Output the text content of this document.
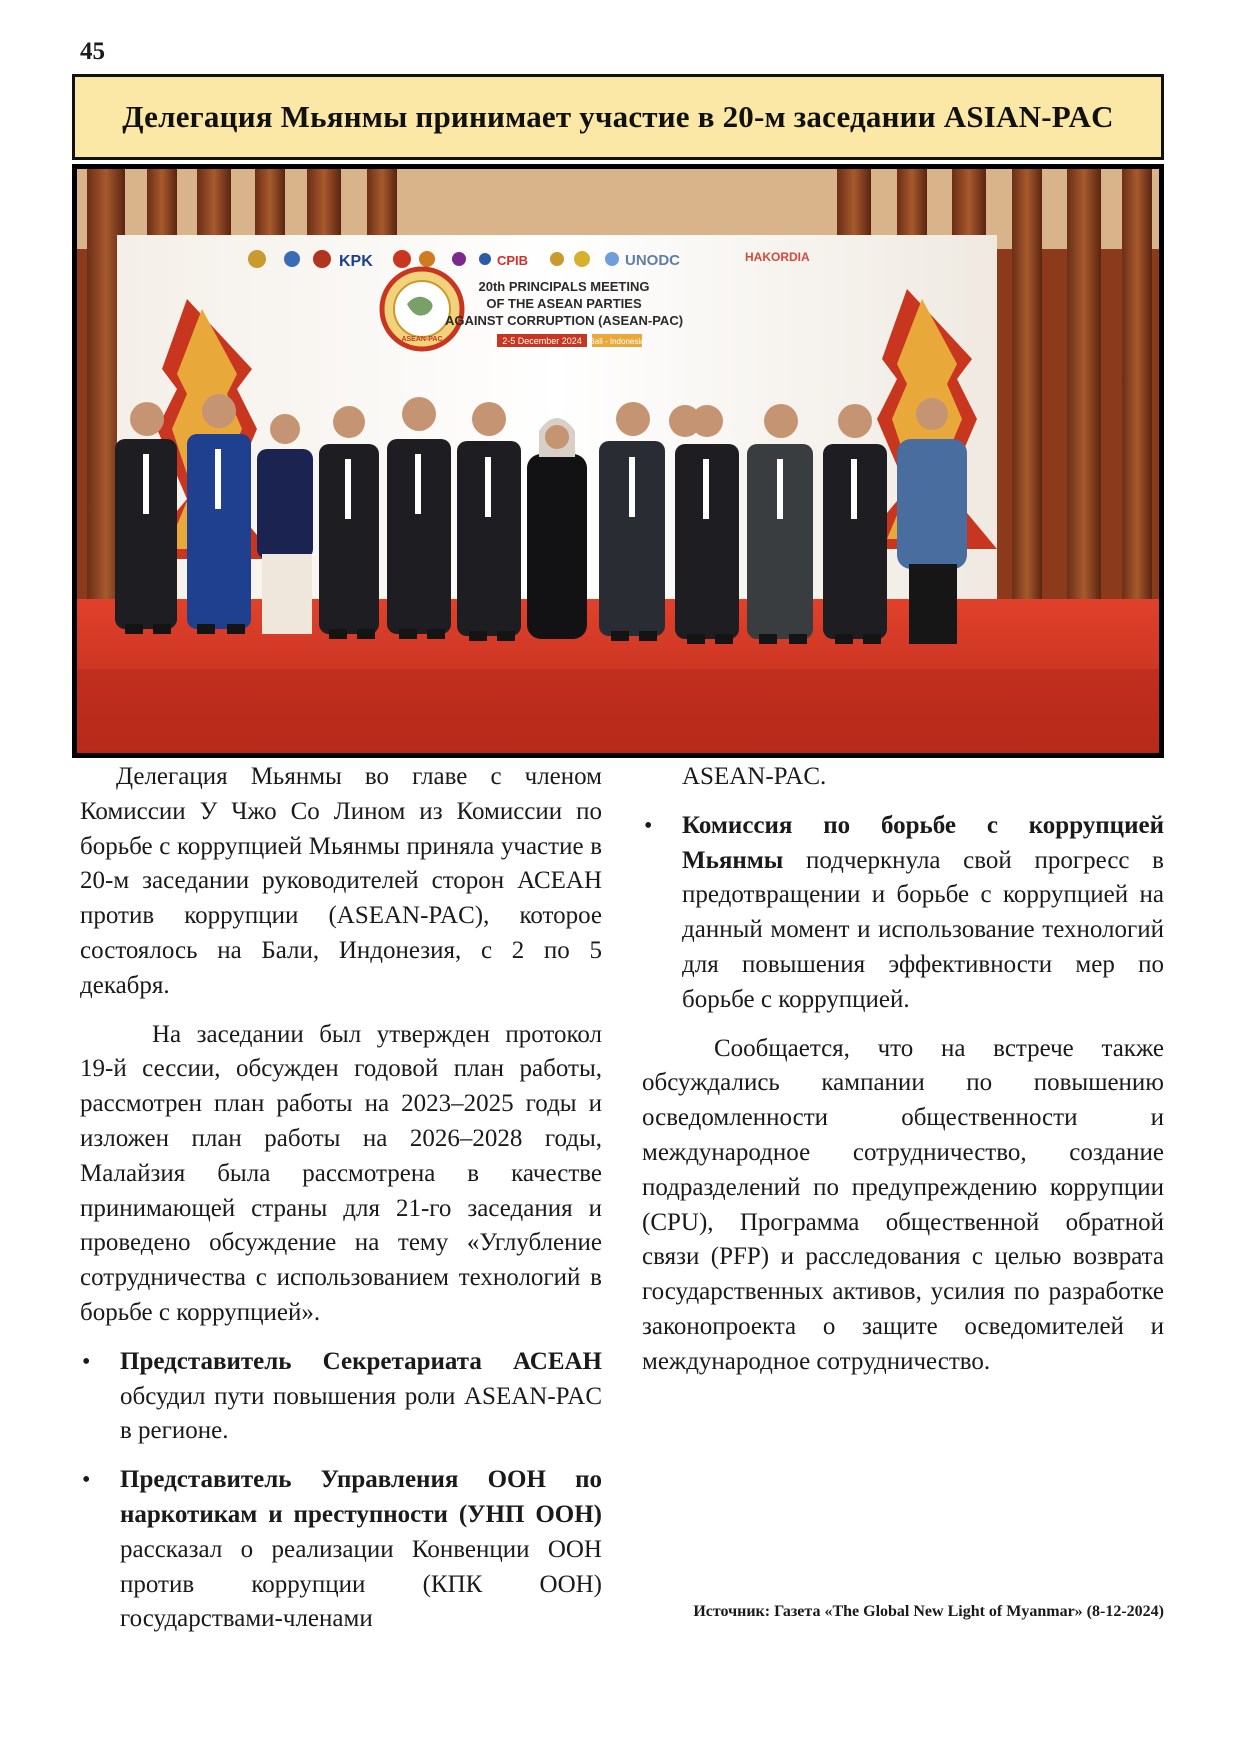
45
Делегация Мьянмы принимает участие в 20-м заседании ASIAN-PAC
KPK	CPIB	UNODC	HAKORDIA
ASEAN-PAC
20th PRINCIPALS MEETING
OF THE ASEAN PARTIES
AGAINST CORRUPTION (ASEAN-PAC)
2-5 December 2024 Bali - Indonesia

Делегация Мьянмы во главе с членом Комиссии У Чжо Со Лином из Комиссии по борьбе с коррупцией Мьянмы приняла участие в 20-м заседании руководителей сторон АСЕАН против коррупции (ASEAN-PAC), которое состоялось на Бали, Индонезия, с 2 по 5 декабря.

На заседании был утвержден протокол 19-й сессии, обсужден годовой план работы, рассмотрен план работы на 2023–2025 годы и изложен план работы на 2026–2028 годы, Малайзия была рассмотрена в качестве принимающей страны для 21-го заседания и проведено обсуждение на тему «Углубление сотрудничества с использованием технологий в борьбе с коррупцией».

• Представитель Секретариата АСЕАН обсудил пути повышения роли ASEAN-PAC в регионе.
• Представитель Управления ООН по наркотикам и преступности (УНП ООН) рассказал о реализации Конвенции ООН против коррупции (КПК ООН) государствами-членами

ASEAN-PAC.

• Комиссия по борьбе с коррупцией Мьянмы подчеркнула свой прогресс в предотвращении и борьбе с коррупцией на данный момент и использование технологий для повышения эффективности мер по борьбе с коррупцией.

Сообщается, что на встрече также обсуждались кампании по повышению осведомленности общественности и международное сотрудничество, создание подразделений по предупреждению коррупции (CPU), Программа общественной обратной связи (PFP) и расследования с целью возврата государственных активов, усилия по разработке законопроекта о защите осведомителей и международное сотрудничество.

Источник: Газета «The Global New Light of Myanmar» (8-12-2024)
